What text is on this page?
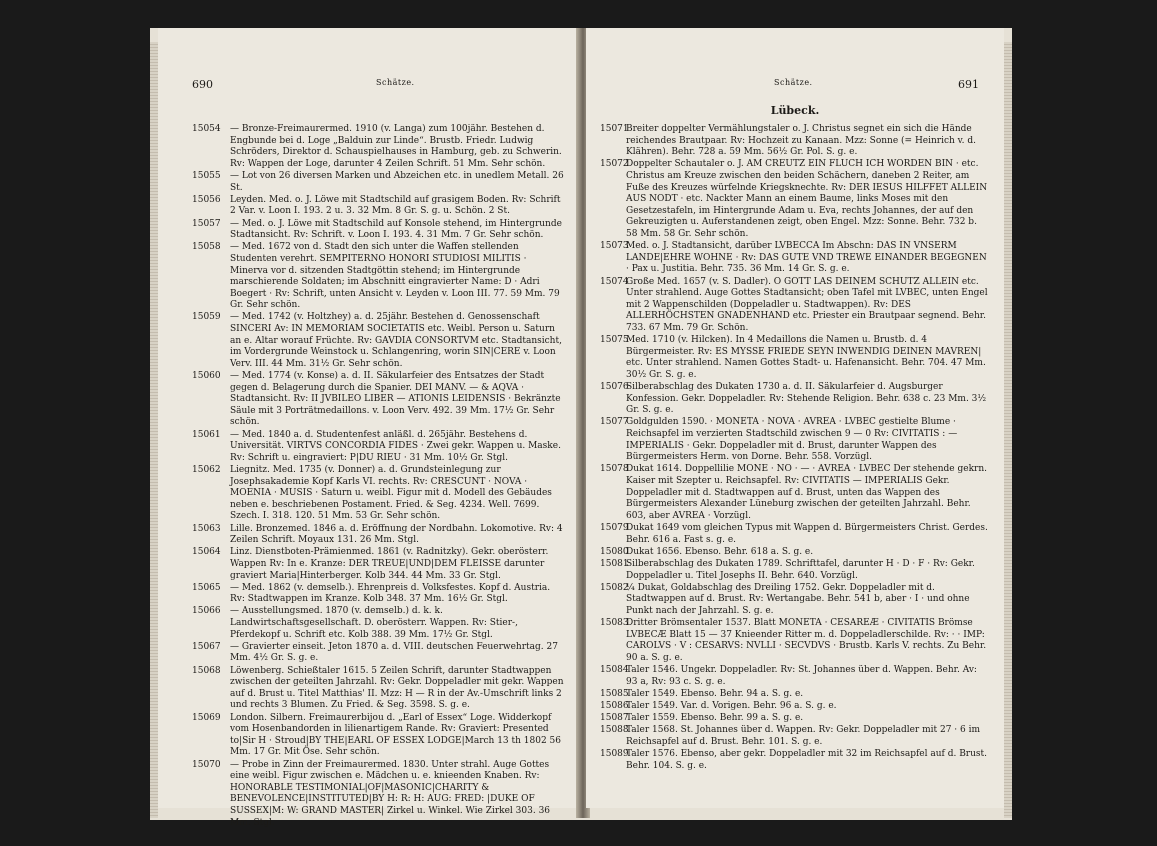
690	Schätze.
15054 — Bronze-Freimaurermed. 1910 (v. Langa) zum 100jähr. Bestehen d. Engbunde bei d. Loge „Balduin zur Linde“. Brustb. Friedr. Ludwig Schröders, Direktor d. Schauspielhauses in Hamburg, geb. zu Schwerin. Rv: Wappen der Loge, darunter 4 Zeilen Schrift. 51 Mm. Sehr schön.
15055 — Lot von 26 diversen Marken und Abzeichen etc. in unedlem Metall. 26 St.
15056 Leyden. Med. o. J. Löwe mit Stadtschild auf grasigem Boden. Rv: Schrift 2 Var. v. Loon I. 193. 2 u. 3. 32 Mm. 8 Gr. S. g. u. Schön. 2 St.
15057 — Med. o. J. Löwe mit Stadtschild auf Konsole stehend, im Hintergrunde Stadtansicht. Rv: Schrift. v. Loon I. 193. 4. 31 Mm. 7 Gr. Sehr schön.
15058 — Med. 1672 von d. Stadt den sich unter die Waffen stellenden Studenten verehrt. SEMPITERNO HONORI STUDIOSI MILITIS · Minerva vor d. sitzenden Stadtgöttin stehend; im Hintergrunde marschierende Soldaten; im Abschnitt eingravierter Name: D · Adri Boegert · Rv: Schrift, unten Ansicht v. Leyden v. Loon III. 77. 59 Mm. 79 Gr. Sehr schön.
15059 — Med. 1742 (v. Holtzhey) a. d. 25jähr. Bestehen d. Genossenschaft SINCERI Av: IN MEMORIAM SOCIETATIS etc. Weibl. Person u. Saturn an e. Altar worauf Früchte. Rv: GAVDIA CONSORTVM etc. Stadtansicht, im Vordergrunde Weinstock u. Schlangenring, worin SIN|CERE v. Loon Verv. III. 44 Mm. 31½ Gr. Sehr schön.
15060 — Med. 1774 (v. Konse) a. d. II. Säkularfeier des Entsatzes der Stadt gegen d. Belagerung durch die Spanier. DEI MANV. — & AQVA · Stadtansicht. Rv: II JVBILEO LIBER — ATIONIS LEIDENSIS · Bekränzte Säule mit 3 Porträtmedaillons. v. Loon Verv. 492. 39 Mm. 17½ Gr. Sehr schön.
15061 — Med. 1840 a. d. Studentenfest anläßl. d. 265jähr. Bestehens d. Universität. VIRTVS CONCORDIA FIDES · Zwei gekr. Wappen u. Maske. Rv: Schrift u. eingraviert: P|DU RIEU · 31 Mm. 10½ Gr. Stgl.
15062 Liegnitz. Med. 1735 (v. Donner) a. d. Grundsteinlegung zur Josephsakademie Kopf Karls VI. rechts. Rv: CRESCUNT · NOVA · MOENIA · MUSIS · Saturn u. weibl. Figur mit d. Modell des Gebäudes neben e. beschriebenen Postament. Fried. & Seg. 4234. Well. 7699. Szech. I. 318. 120. 51 Mm. 53 Gr. Sehr schön.
15063 Lille. Bronzemed. 1846 a. d. Eröffnung der Nordbahn. Lokomotive. Rv: 4 Zeilen Schrift. Moyaux 131. 26 Mm. Stgl.
15064 Linz. Dienstboten-Prämienmed. 1861 (v. Radnitzky). Gekr. oberösterr. Wappen Rv: In e. Kranze: DER TREUE|UND|DEM FLEISSE darunter graviert Maria|Hinterberger. Kolb 344. 44 Mm. 33 Gr. Stgl.
15065 — Med. 1862 (v. demselb.). Ehrenpreis d. Volksfestes. Kopf d. Austria. Rv: Stadtwappen im Kranze. Kolb 348. 37 Mm. 16½ Gr. Stgl.
15066 — Ausstellungsmed. 1870 (v. demselb.) d. k. k. Landwirtschaftsgesellschaft. D. oberösterr. Wappen. Rv: Stier-, Pferdekopf u. Schrift etc. Kolb 388. 39 Mm. 17½ Gr. Stgl.
15067 — Gravierter einseit. Jeton 1870 a. d. VIII. deutschen Feuerwehrtag. 27 Mm. 4½ Gr. S. g. e.
15068 Löwenberg. Schießtaler 1615. 5 Zeilen Schrift, darunter Stadtwappen zwischen der geteilten Jahrzahl. Rv: Gekr. Doppeladler mit gekr. Wappen auf d. Brust u. Titel Matthias' II. Mzz: H — R in der Av.-Umschrift links 2 und rechts 3 Blumen. Zu Fried. & Seg. 3598. S. g. e.
15069 London. Silbern. Freimaurerbijou d. „Earl of Essex“ Loge. Widderkopf vom Hosenbandorden in lilienartigem Rande. Rv: Graviert: Presented to|Sir H · Stroud|BY THE|EARL OF ESSEX LODGE|March 13 th 1802 56 Mm. 17 Gr. Mit Öse. Sehr schön.
15070 — Probe in Zinn der Freimaurermed. 1830. Unter strahl. Auge Gottes eine weibl. Figur zwischen e. Mädchen u. e. knieenden Knaben. Rv: HONORABLE TESTIMONIAL|OF|MASONIC|CHARITY & BENEVOLENCE|INSTITUTED|BY H: R: H: AUG: FRED: |DUKE OF SUSSEX|M: W: GRAND MASTER| Zirkel u. Winkel. Wie Zirkel 303. 36 Mm. Stgl.
Schätze.	691
Lübeck.
15071Breiter doppelter Vermählungstaler o. J. Christus segnet ein sich die Hände reichendes Brautpaar. Rv: Hochzeit zu Kanaan. Mzz: Sonne (= Heinrich v. d. Klähren). Behr. 728 a. 59 Mm. 56½ Gr. Pol. S. g. e.
15072Doppelter Schautaler o. J. AM CREUTZ EIN FLUCH ICH WORDEN BIN · etc. Christus am Kreuze zwischen den beiden Schächern, daneben 2 Reiter, am Fuße des Kreuzes würfelnde Kriegsknechte. Rv: DER IESUS HILFFET ALLEIN AUS NODT · etc. Nackter Mann an einem Baume, links Moses mit den Gesetzestafeln, im Hintergrunde Adam u. Eva, rechts Johannes, der auf den Gekreuzigten u. Auferstandenen zeigt, oben Engel. Mzz: Sonne. Behr. 732 b. 58 Mm. 58 Gr. Sehr schön.
15073Med. o. J. Stadtansicht, darüber LVBECCA Im Abschn: DAS IN VNSERM LANDE|EHRE WOHNE · Rv: DAS GUTE VND TREWE EINANDER BEGEGNEN · Pax u. Justitia. Behr. 735. 36 Mm. 14 Gr. S. g. e.
15074Große Med. 1657 (v. S. Dadler). O GOTT LAS DEINEM SCHUTZ ALLEIN etc. Unter strahlend. Auge Gottes Stadtansicht; oben Tafel mit LVBEC, unten Engel mit 2 Wappenschilden (Doppeladler u. Stadtwappen). Rv: DES ALLERHÖCHSTEN GNADENHAND etc. Priester ein Brautpaar segnend. Behr. 733. 67 Mm. 79 Gr. Schön.
15075Med. 1710 (v. Hilcken). In 4 Medaillons die Namen u. Brustb. d. 4 Bürgermeister. Rv: ES MYSSE FRIEDE SEYN INWENDIG DEINEN MAVREN| etc. Unter strahlend. Namen Gottes Stadt- u. Hafenansicht. Behr. 704. 47 Mm. 30½ Gr. S. g. e.
15076Silberabschlag des Dukaten 1730 a. d. II. Säkularfeier d. Augsburger Konfession. Gekr. Doppeladler. Rv: Stehende Religion. Behr. 638 c. 23 Mm. 3½ Gr. S. g. e.
15077Goldgulden 1590. · MONETA · NOVA · AVREA · LVBEC gestielte Blume · Reichsapfel im verzierten Stadtschild zwischen 9 — 0 Rv: CIVITATIS : — IMPERIALIS · Gekr. Doppeladler mit d. Brust, darunter Wappen des Bürgermeisters Herm. von Dorne. Behr. 558. Vorzügl.
15078Dukat 1614. Doppellilie MONE · NO · — · AVREA · LVBEC Der stehende gekrn. Kaiser mit Szepter u. Reichsapfel. Rv: CIVITATIS — IMPERIALIS Gekr. Doppeladler mit d. Stadtwappen auf d. Brust, unten das Wappen des Bürgermeisters Alexander Lüneburg zwischen der geteilten Jahrzahl. Behr. 603, aber AVREA · Vorzügl.
15079Dukat 1649 vom gleichen Typus mit Wappen d. Bürgermeisters Christ. Gerdes. Behr. 616 a. Fast s. g. e.
15080Dukat 1656. Ebenso. Behr. 618 a. S. g. e.
15081Silberabschlag des Dukaten 1789. Schrifttafel, darunter H · D · F · Rv: Gekr. Doppeladler u. Titel Josephs II. Behr. 640. Vorzügl.
15082¼ Dukat, Goldabschlag des Dreiling 1752. Gekr. Doppeladler mit d. Stadtwappen auf d. Brust. Rv: Wertangabe. Behr. 541 b, aber · I · und ohne Punkt nach der Jahrzahl. S. g. e.
15083Dritter Brömsentaler 1537. Blatt MONETA · CESAREÆ · CIVITATIS Brömse LVBECÆ Blatt 15 — 37 Knieender Ritter m. d. Doppeladlerschilde. Rv: · · IMP: CAROLVS · V : CESARVS: NVLLI · SECVDVS · Brustb. Karls V. rechts. Zu Behr. 90 a. S. g. e.
15084Taler 1546. Ungekr. Doppeladler. Rv: St. Johannes über d. Wappen. Behr. Av: 93 a, Rv: 93 c. S. g. e.
15085Taler 1549. Ebenso. Behr. 94 a. S. g. e.
15086Taler 1549. Var. d. Vorigen. Behr. 96 a. S. g. e.
15087Taler 1559. Ebenso. Behr. 99 a. S. g. e.
15088Taler 1568. St. Johannes über d. Wappen. Rv: Gekr. Doppeladler mit 27 · 6 im Reichsapfel auf d. Brust. Behr. 101. S. g. e.
15089Taler 1576. Ebenso, aber gekr. Doppeladler mit 32 im Reichsapfel auf d. Brust. Behr. 104. S. g. e.
